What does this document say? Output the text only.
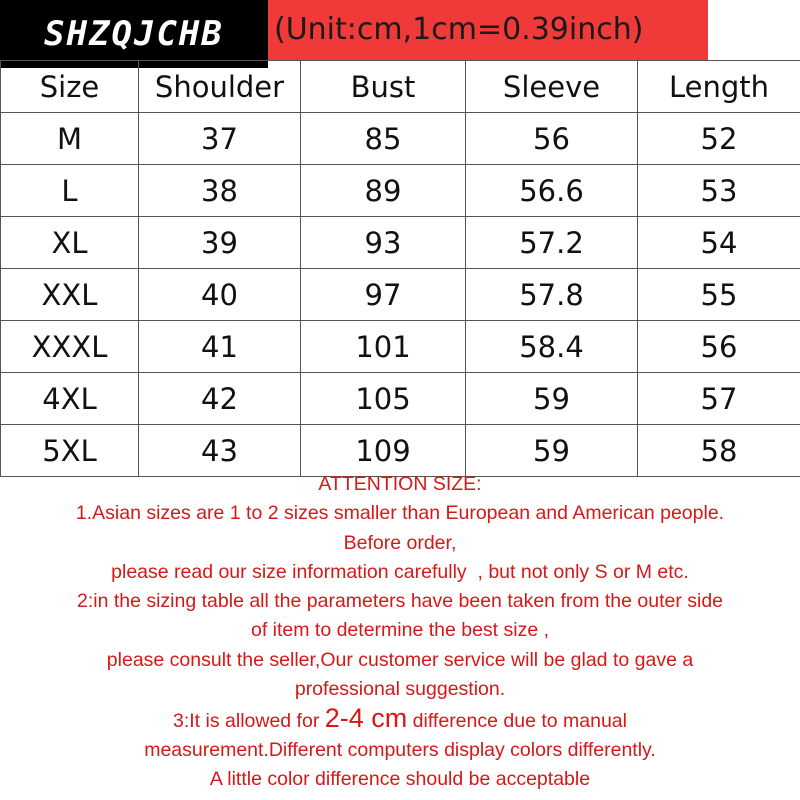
SHZQJCHB	(Unit:cm,1cm=0.39inch)
Size	Shoulder	Bust	Sleeve	Length
M	37	85	56	52
L	38	89	56.6	53
XL	39	93	57.2	54
XXL	40	97	57.8	55
XXXL	41	101	58.4	56
4XL	42	105	59	57
5XL	43	109	59	58

ATTENTION SIZE:

1.Asian sizes are 1 to 2 sizes smaller than European and American people.

Before order,

please read our size information carefully  , but not only S or M etc.

2:in the sizing table all the parameters have been taken from the outer side

of item to determine the best size ,

please consult the seller,Our customer service will be glad to gave a

professional suggestion.

3:It is allowed for 2-4 cm difference due to manual

measurement.Different computers display colors differently.

A little color difference should be acceptable
